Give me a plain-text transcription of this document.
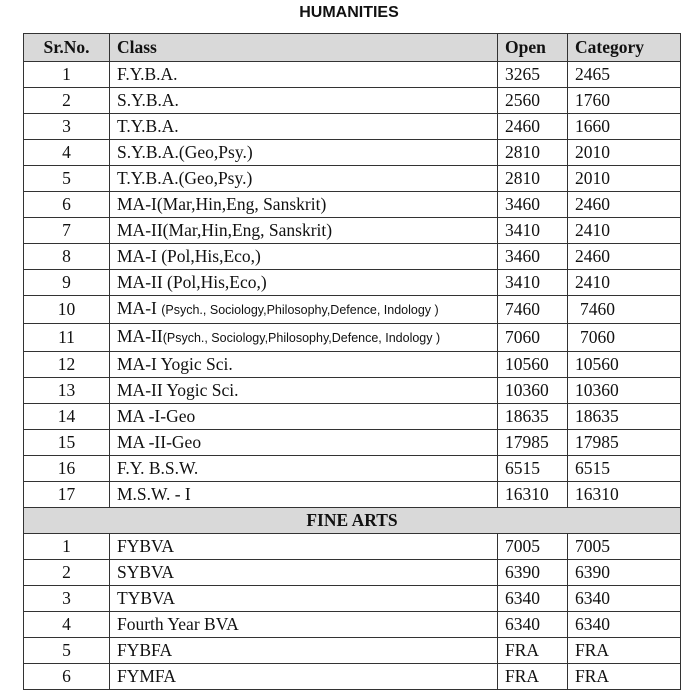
HUMANITIES
Sr.No.	Class	Open	Category
1	F.Y.B.A.	3265	2465
2	S.Y.B.A.	2560	1760
3	T.Y.B.A.	2460	1660
4	S.Y.B.A.(Geo,Psy.)	2810	2010
5	T.Y.B.A.(Geo,Psy.)	2810	2010
6	MA-I(Mar,Hin,Eng, Sanskrit)	3460	2460
7	MA-II(Mar,Hin,Eng, Sanskrit)	3410	2410
8	MA-I (Pol,His,Eco,)	3460	2460
9	MA-II (Pol,His,Eco,)	3410	2410
10	MA-I (Psych., Sociology,Philosophy,Defence, Indology )	7460	7460
11	MA-II(Psych., Sociology,Philosophy,Defence, Indology )	7060	7060
12	MA-I Yogic Sci.	10560	10560
13	MA-II Yogic Sci.	10360	10360
14	MA -I-Geo	18635	18635
15	MA -II-Geo	17985	17985
16	F.Y. B.S.W.	6515	6515
17	M.S.W. - I	16310	16310
FINE ARTS			
1	FYBVA	7005	7005
2	SYBVA	6390	6390
3	TYBVA	6340	6340
4	Fourth Year BVA	6340	6340
5	FYBFA	FRA	FRA
6	FYMFA	FRA	FRA
